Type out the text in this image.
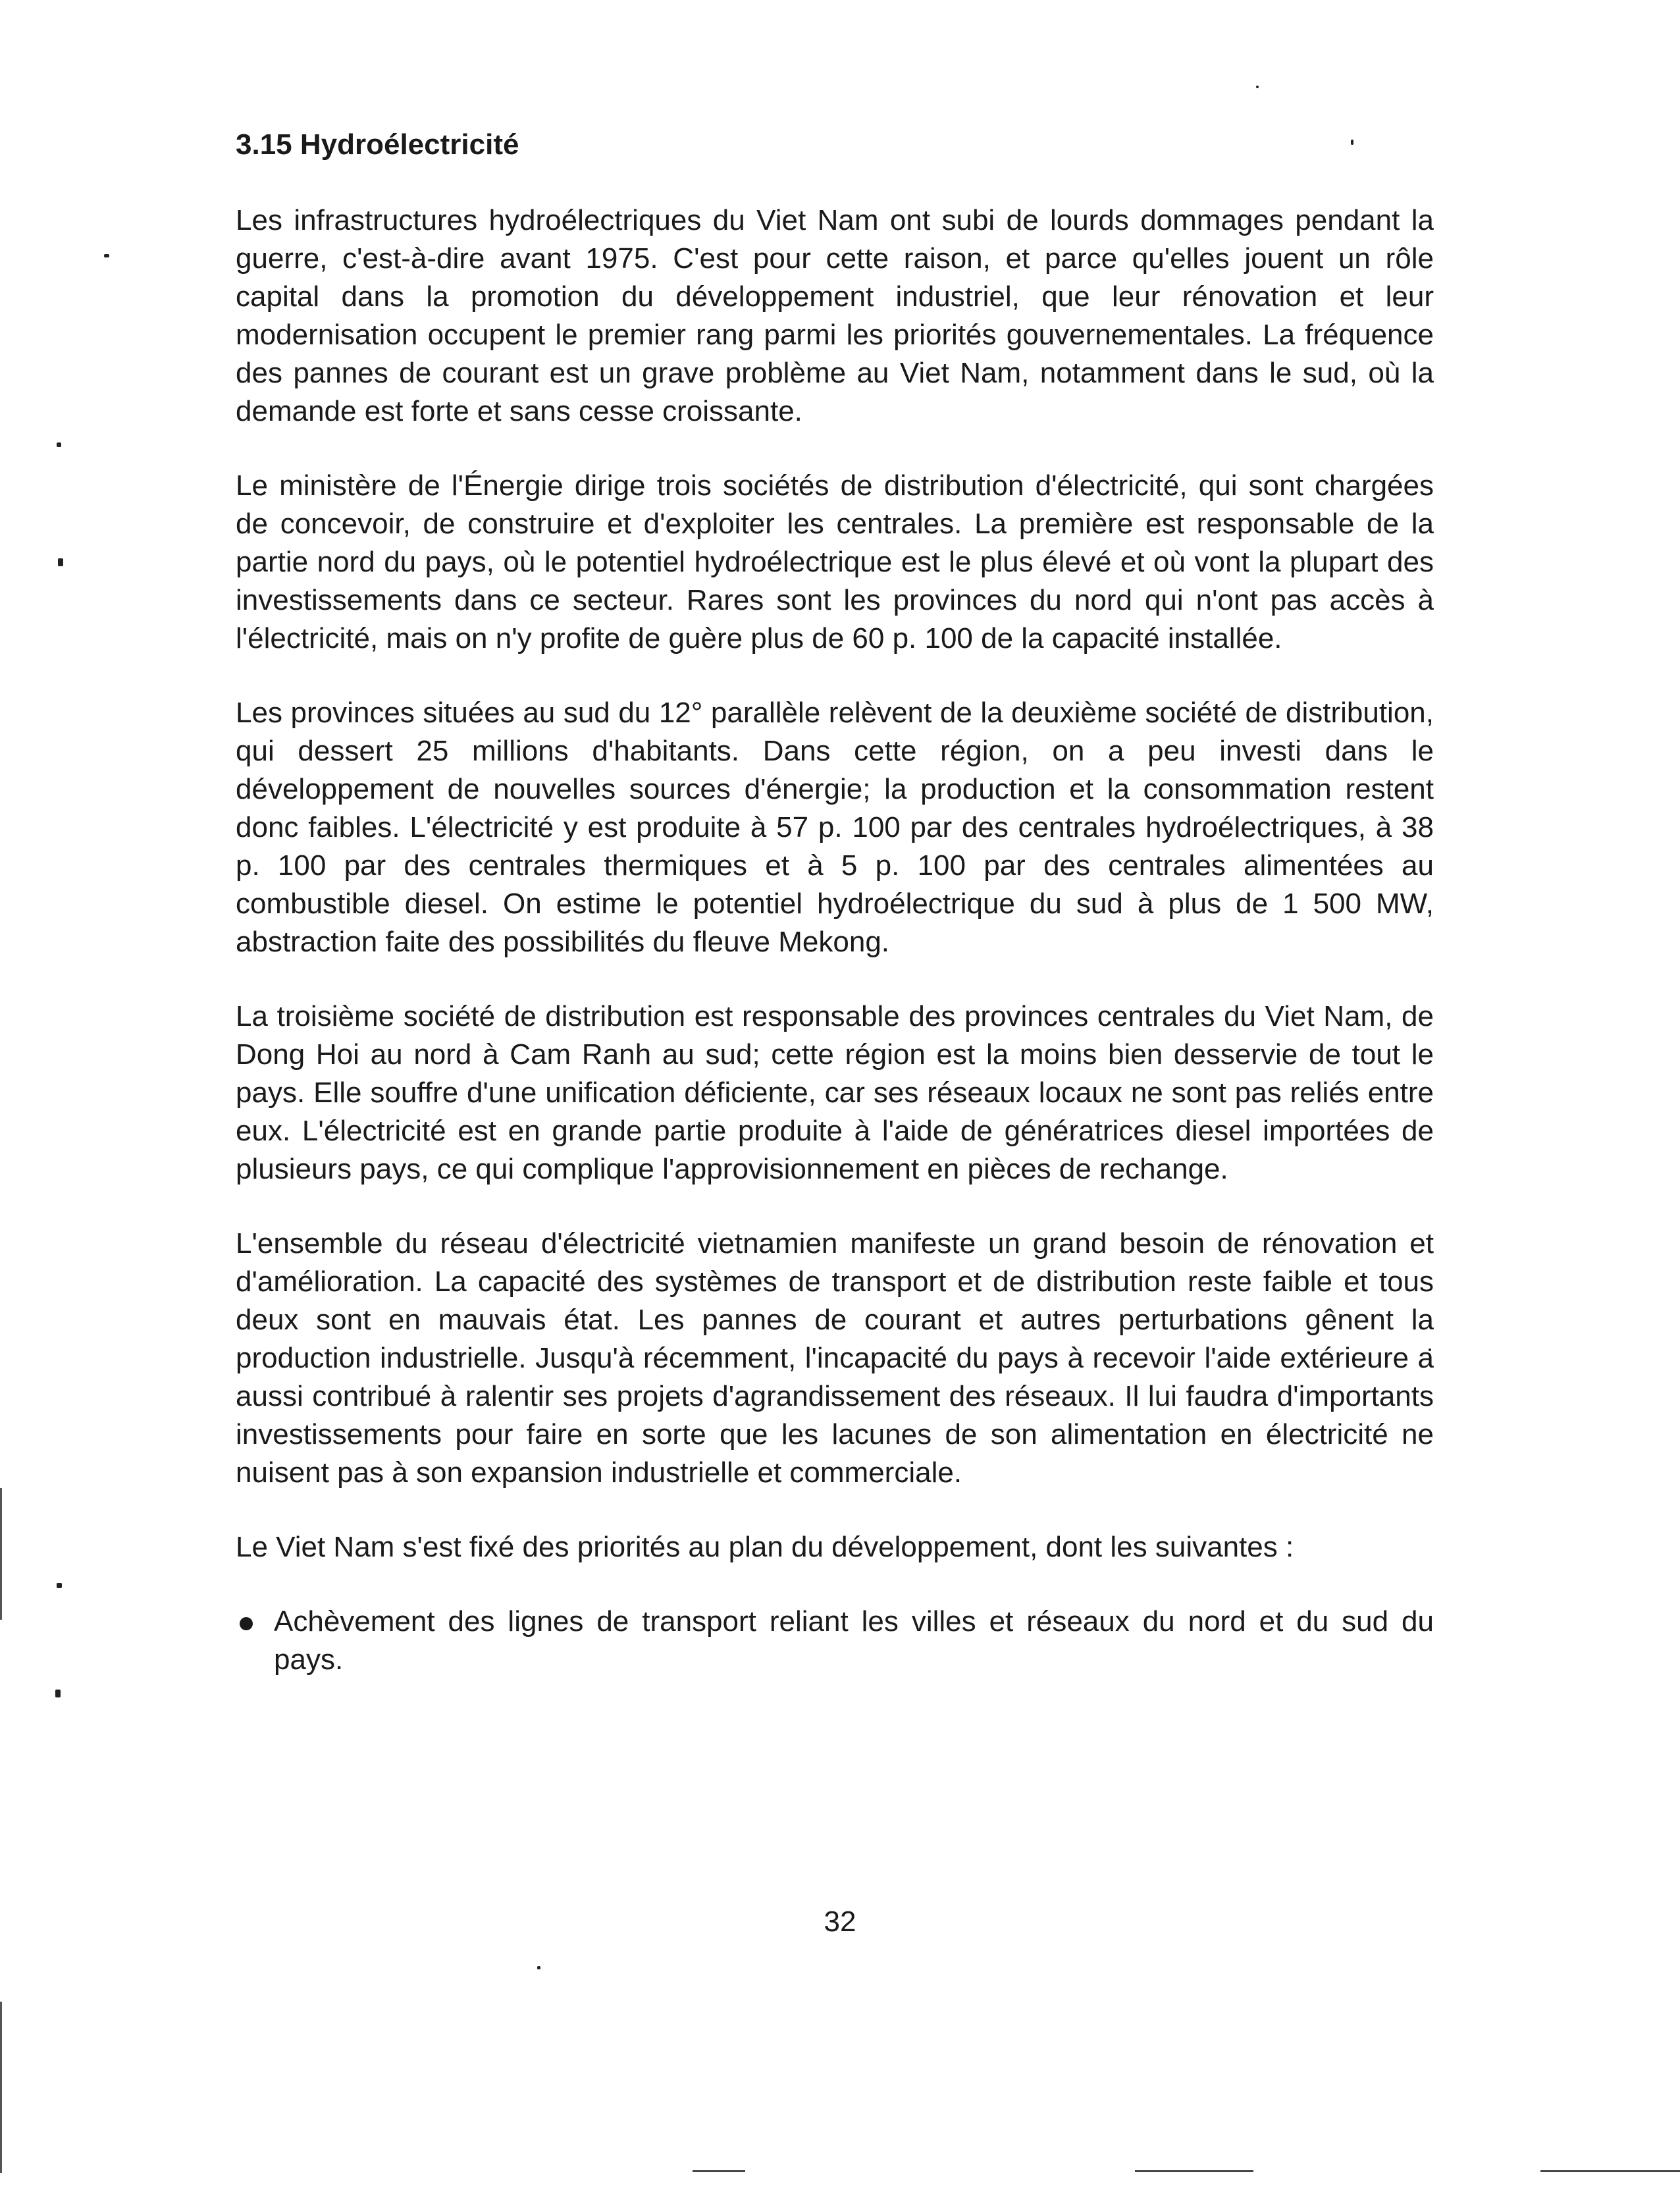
3.15 Hydroélectricité

Les infrastructures hydroélectriques du Viet Nam ont subi de lourds dommages pendant la guerre, c'est-à-dire avant 1975. C'est pour cette raison, et parce qu'elles jouent un rôle capital dans la promotion du développement industriel, que leur rénovation et leur modernisation occupent le premier rang parmi les priorités gouvernementales. La fréquence des pannes de courant est un grave problème au Viet Nam, notamment dans le sud, où la demande est forte et sans cesse croissante.

Le ministère de l'Énergie dirige trois sociétés de distribution d'électricité, qui sont chargées de concevoir, de construire et d'exploiter les centrales. La première est responsable de la partie nord du pays, où le potentiel hydroélectrique est le plus élevé et où vont la plupart des investissements dans ce secteur. Rares sont les provinces du nord qui n'ont pas accès à l'électricité, mais on n'y profite de guère plus de 60 p. 100 de la capacité installée.

Les provinces situées au sud du 12° parallèle relèvent de la deuxième société de distribution, qui dessert 25 millions d'habitants. Dans cette région, on a peu investi dans le développement de nouvelles sources d'énergie; la production et la consommation restent donc faibles. L'électricité y est produite à 57 p. 100 par des centrales hydroélectriques, à 38 p. 100 par des centrales thermiques et à 5 p. 100 par des centrales alimentées au combustible diesel. On estime le potentiel hydroélectrique du sud à plus de 1 500 MW, abstraction faite des possibilités du fleuve Mekong.

La troisième société de distribution est responsable des provinces centrales du Viet Nam, de Dong Hoi au nord à Cam Ranh au sud; cette région est la moins bien desservie de tout le pays. Elle souffre d'une unification déficiente, car ses réseaux locaux ne sont pas reliés entre eux. L'électricité est en grande partie produite à l'aide de génératrices diesel importées de plusieurs pays, ce qui complique l'approvisionnement en pièces de rechange.

L'ensemble du réseau d'électricité vietnamien manifeste un grand besoin de rénovation et d'amélioration. La capacité des systèmes de transport et de distribution reste faible et tous deux sont en mauvais état. Les pannes de courant et autres perturbations gênent la production industrielle. Jusqu'à récemment, l'incapacité du pays à recevoir l'aide extérieure a aussi contribué à ralentir ses projets d'agrandissement des réseaux. Il lui faudra d'importants investissements pour faire en sorte que les lacunes de son alimentation en électricité ne nuisent pas à son expansion industrielle et commerciale.

Le Viet Nam s'est fixé des priorités au plan du développement, dont les suivantes :

Achèvement des lignes de transport reliant les villes et réseaux du nord et du sud du pays.
32
